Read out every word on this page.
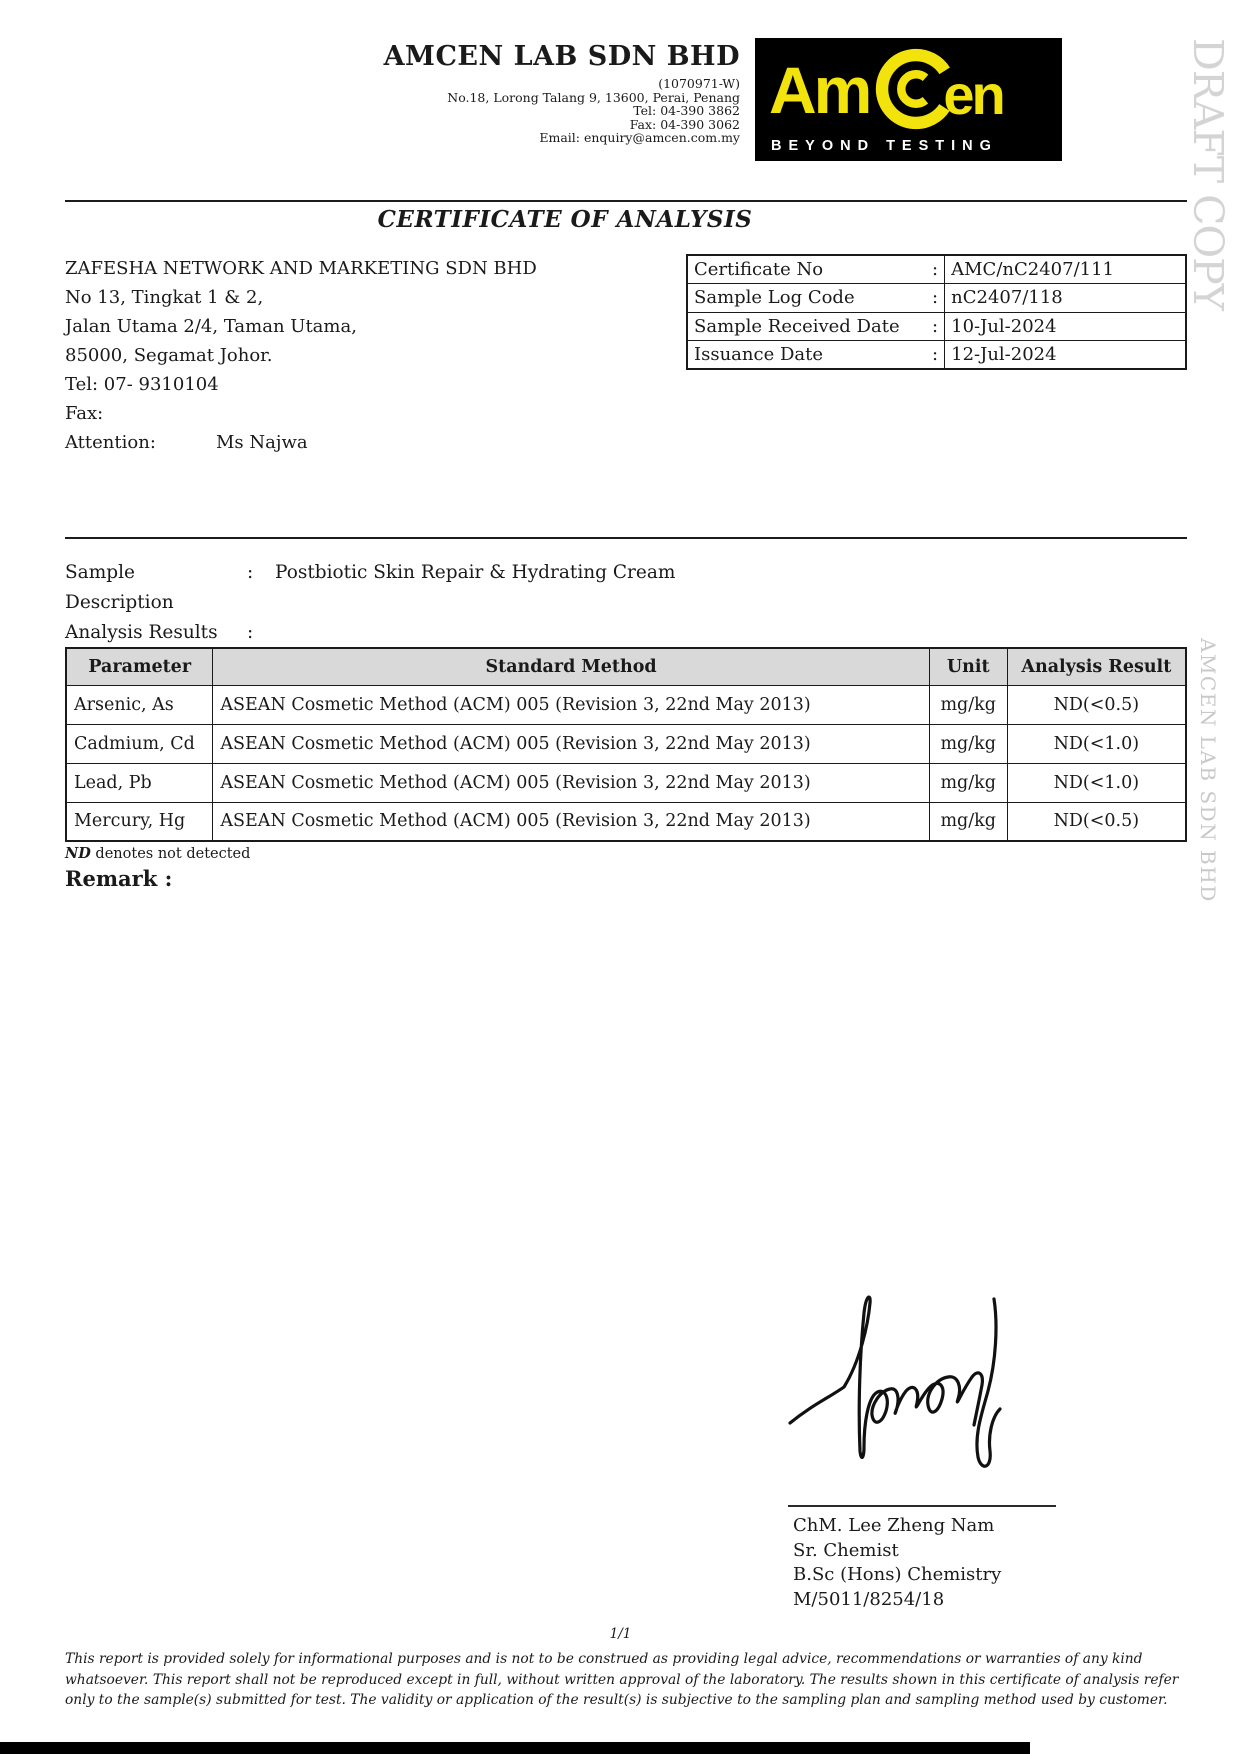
DRAFT COPY
AMCEN LAB SDN BHD
AMCEN LAB SDN BHD
(1070971-W)
No.18, Lorong Talang 9, 13600, Perai, Penang
Tel: 04-390 3862
Fax: 04-390 3062
Email: enquiry@amcen.com.my
Am en
BEYOND TESTING
CERTIFICATE OF ANALYSIS
ZAFESHA NETWORK AND MARKETING SDN BHD
No 13, Tingkat 1 & 2,
Jalan Utama 2/4, Taman Utama,
85000, Segamat Johor.
Tel: 07- 9310104
Fax:
Attention:	Ms Najwa
Certificate No :	AMC/nC2407/111

Sample Log Code :	nC2407/118

Sample Received Date :	10-Jul-2024

Issuance Date :	12-Jul-2024
Sample Description
:	Postbiotic Skin Repair & Hydrating Cream
Analysis Results	:
Parameter	Standard Method	Unit	Analysis Result
Arsenic, As	ASEAN Cosmetic Method (ACM) 005 (Revision 3, 22nd May 2013)	mg/kg	ND(<0.5)
Cadmium, Cd	ASEAN Cosmetic Method (ACM) 005 (Revision 3, 22nd May 2013)	mg/kg	ND(<1.0)
Lead, Pb	ASEAN Cosmetic Method (ACM) 005 (Revision 3, 22nd May 2013)	mg/kg	ND(<1.0)
Mercury, Hg	ASEAN Cosmetic Method (ACM) 005 (Revision 3, 22nd May 2013)	mg/kg	ND(<0.5)
ND denotes not detected
Remark :
ChM. Lee Zheng Nam
Sr. Chemist
B.Sc (Hons) Chemistry
M/5011/8254/18
1/1
This report is provided solely for informational purposes and is not to be construed as providing legal advice, recommendations or warranties of any kind whatsoever. This report shall not be reproduced except in full, without written approval of the laboratory. The results shown in this certificate of analysis refer only to the sample(s) submitted for test. The validity or application of the result(s) is subjective to the sampling plan and sampling method used by customer.
